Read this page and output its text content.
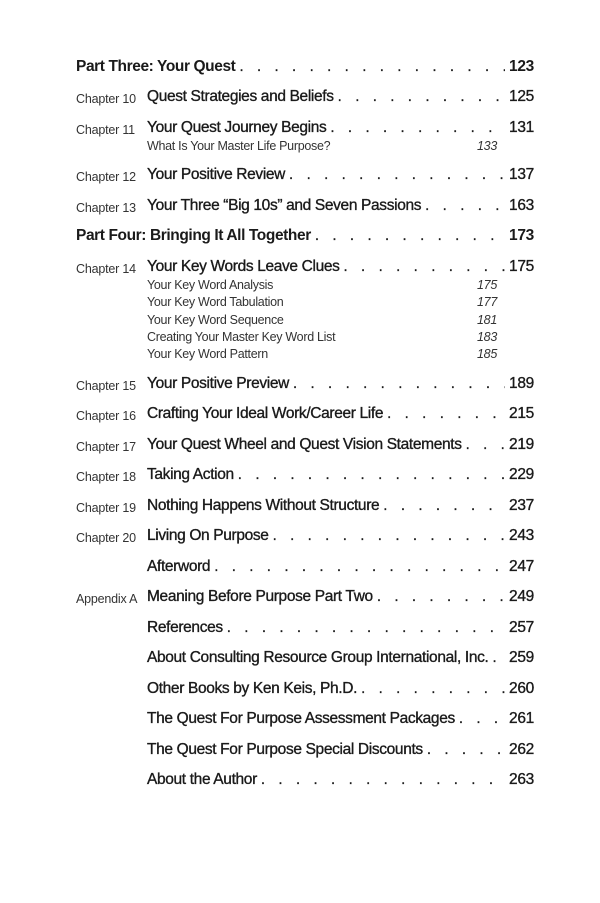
Part Three: Your Quest . . .	123
Chapter 10 Quest Strategies and Beliefs . . .	125
Chapter 11 Your Quest Journey Begins . . .	131
What Is Your Master Life Purpose?	133
Chapter 12 Your Positive Review . . .	137
Chapter 13 Your Three “Big 10s” and Seven Passions . . .	163
Part Four: Bringing It All Together . . .	173
Chapter 14 Your Key Words Leave Clues . . .	175
Your Key Word Analysis	175
Your Key Word Tabulation	177
Your Key Word Sequence	181
Creating Your Master Key Word List	183
Your Key Word Pattern	185
Chapter 15 Your Positive Preview . . .	189
Chapter 16 Crafting Your Ideal Work/Career Life . . .	215
Chapter 17 Your Quest Wheel and Quest Vision Statements . . .	219
Chapter 18 Taking Action . . .	229
Chapter 19 Nothing Happens Without Structure . . .	237
Chapter 20 Living On Purpose . . .	243
Afterword . . .	247
Appendix A Meaning Before Purpose Part Two . . .	249
References . . .	257
About Consulting Resource Group International, Inc. . . . 259
Other Books by Ken Keis, Ph.D. . . .	260
The Quest For Purpose Assessment Packages . . .	261
The Quest For Purpose Special Discounts . . .	262
About the Author . . .	263
